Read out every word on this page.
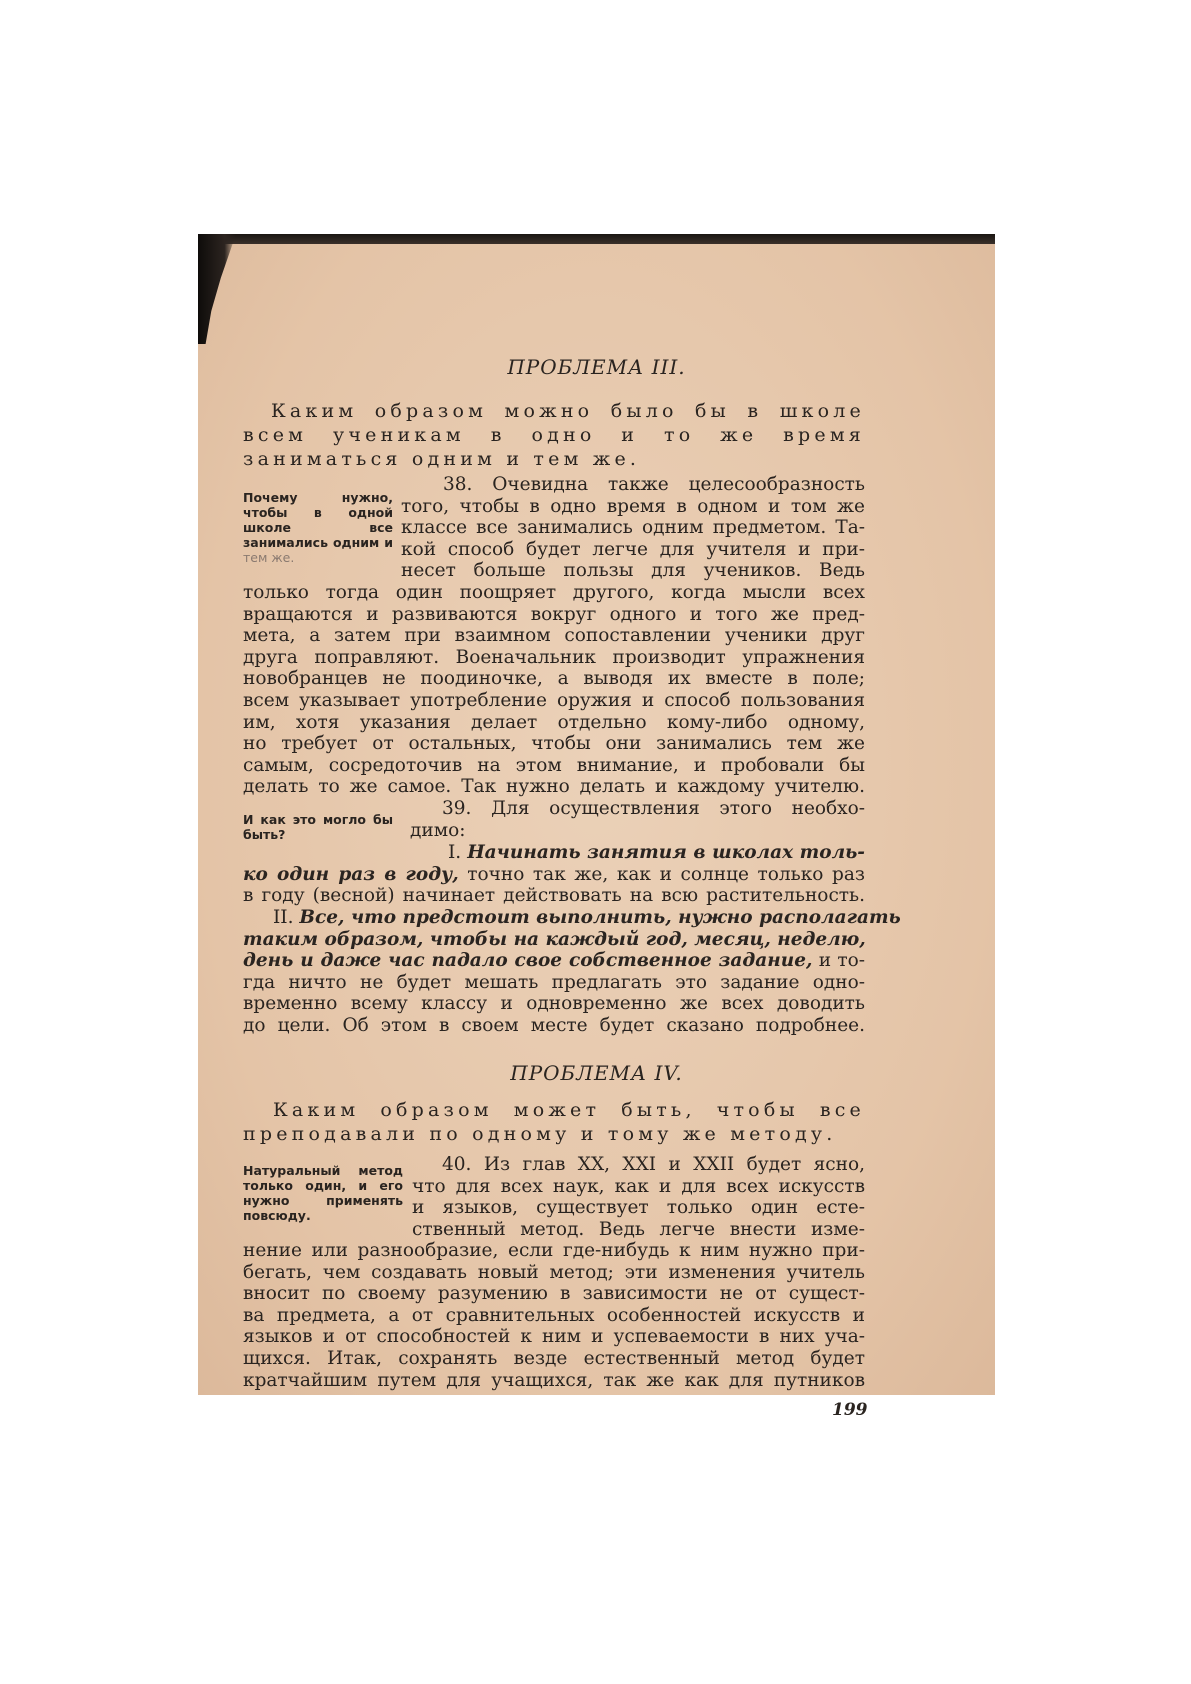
ПРОБЛЕМА III.
Каким образом можно было бы в школе всем ученикам в одно и то же время заниматься одним и тем же.
Почему нужно, чтобы в одной школе все занимались одним и тем же.
38. Очевидна также целесообразность
того, чтобы в одно время в одном и том же
классе все занимались одним предметом. Та-
кой способ будет легче для учителя и при-
несет больше пользы для учеников. Ведь
только тогда один поощряет другого, когда мысли всех
вращаются и развиваются вокруг одного и того же пред-
мета, а затем при взаимном сопоставлении ученики друг
друга поправляют. Военачальник производит упражнения
новобранцев не поодиночке, а выводя их вместе в поле;
всем указывает употребление оружия и способ пользования
им, хотя указания делает отдельно кому-либо одному,
но требует от остальных, чтобы они занимались тем же
самым, сосредоточив на этом внимание, и пробовали бы
делать то же самое. Так нужно делать и каждому учителю.
И как это могло бы быть?
39. Для осуществления этого необхо-
димо:
I. Начинать занятия в школах толь-
ко один раз в году, точно так же, как и солнце только раз
в году (весной) начинает действовать на всю растительность.
II. Все, что предстоит выполнить, нужно располагать
таким образом, чтобы на каждый год, месяц, неделю,
день и даже час падало свое собственное задание, и то-
гда ничто не будет мешать предлагать это задание одно-
временно всему классу и одновременно же всех доводить
до цели. Об этом в своем месте будет сказано подробнее.
ПРОБЛЕМА IV.
Каким образом может быть, чтобы все преподавали по одному и тому же методу.
Натуральный метод только один, и его нужно применять повсюду.
40. Из глав XX, XXI и XXII будет ясно,
что для всех наук, как и для всех искусств
и языков, существует только один есте-
ственный метод. Ведь легче внести изме-
нение или разнообразие, если где-нибудь к ним нужно при-
бегать, чем создавать новый метод; эти изменения учитель
вносит по своему разумению в зависимости не от сущест-
ва предмета, а от сравнительных особенностей искусств и
языков и от способностей к ним и успеваемости в них уча-
щихся. Итак, сохранять везде естественный метод будет
кратчайшим путем для учащихся, так же как для путников
199
